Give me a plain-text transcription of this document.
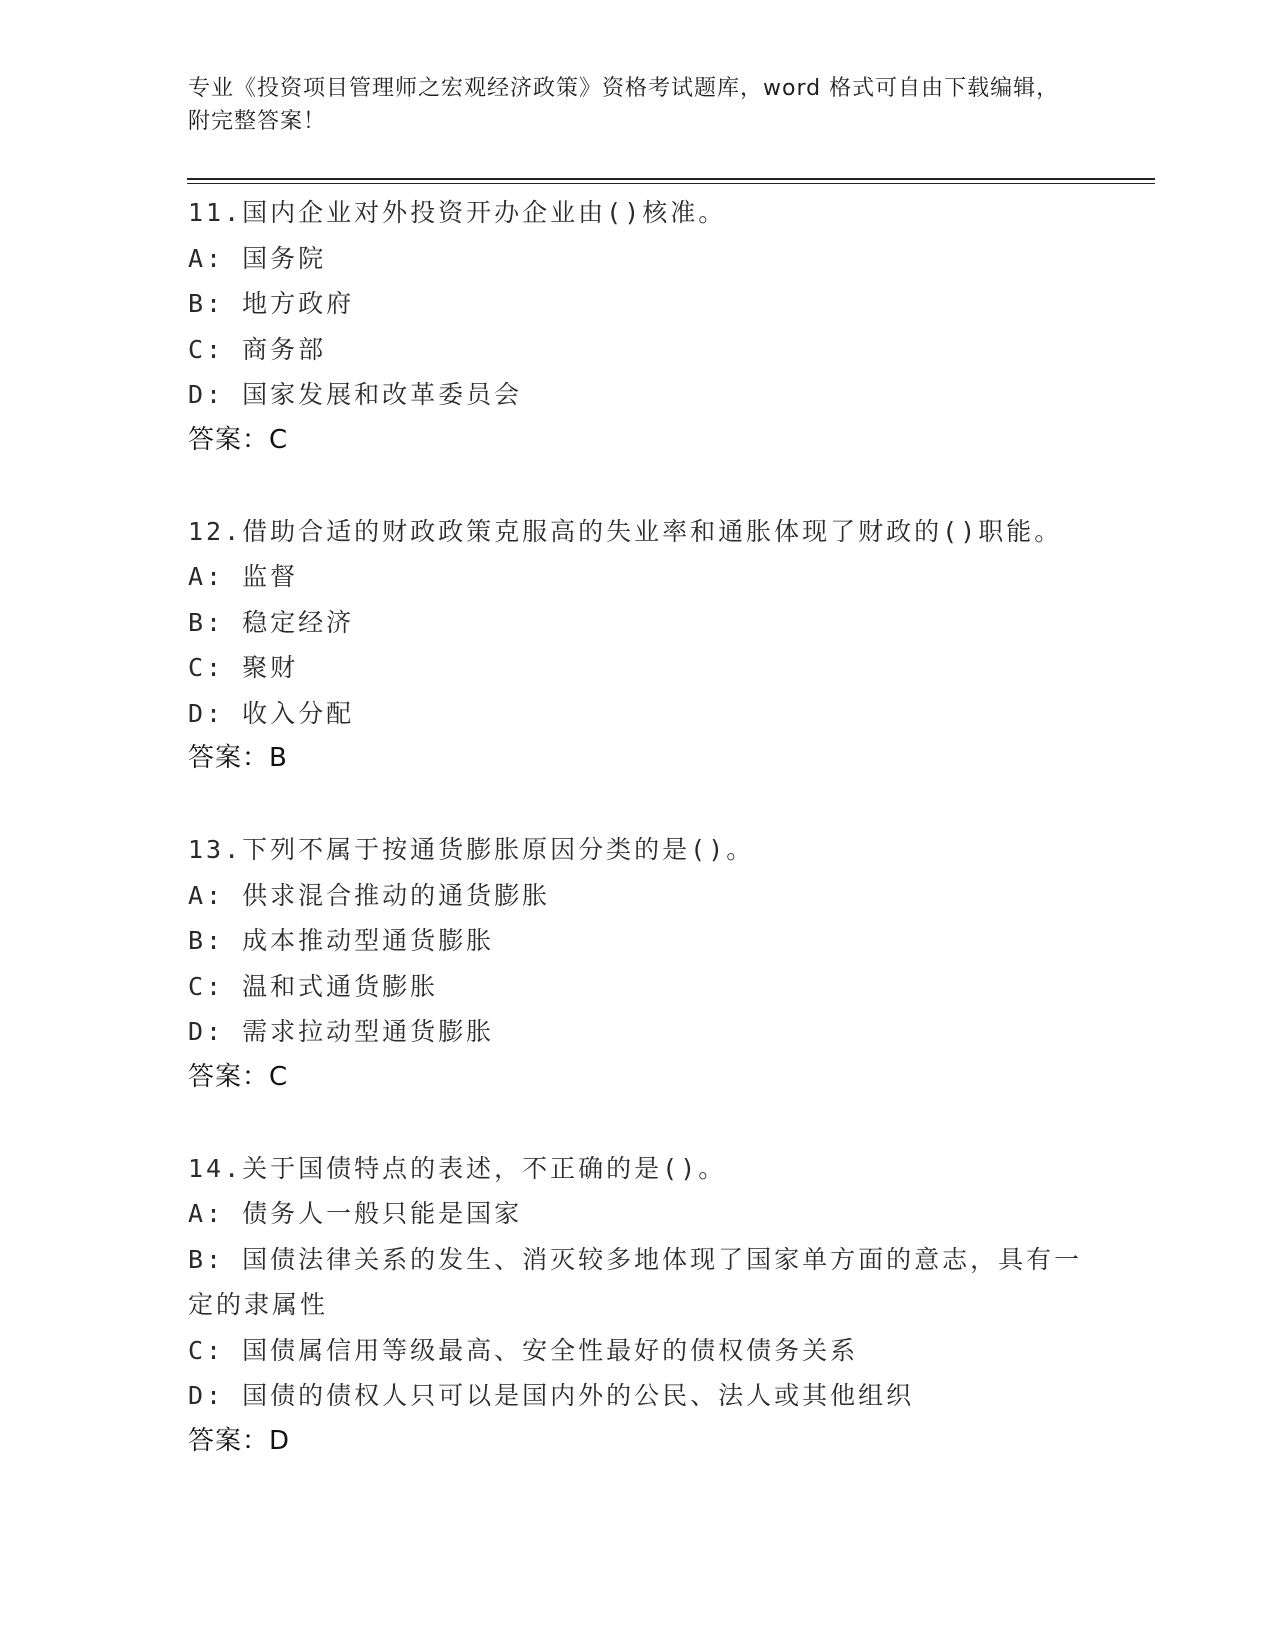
专业《投资项目管理师之宏观经济政策》资格考试题库，word 格式可自由下载编辑，附完整答案！
11.国内企业对外投资开办企业由()核准。
A: 国务院
B: 地方政府
C: 商务部
D: 国家发展和改革委员会
答案：C
12.借助合适的财政政策克服高的失业率和通胀体现了财政的()职能。
A: 监督
B: 稳定经济
C: 聚财
D: 收入分配
答案：B
13.下列不属于按通货膨胀原因分类的是()。
A: 供求混合推动的通货膨胀
B: 成本推动型通货膨胀
C: 温和式通货膨胀
D: 需求拉动型通货膨胀
答案：C
14.关于国债特点的表述，不正确的是()。
A: 债务人一般只能是国家
B: 国债法律关系的发生、消灭较多地体现了国家单方面的意志，具有一定的隶属性
C: 国债属信用等级最高、安全性最好的债权债务关系
D: 国债的债权人只可以是国内外的公民、法人或其他组织
答案：D
